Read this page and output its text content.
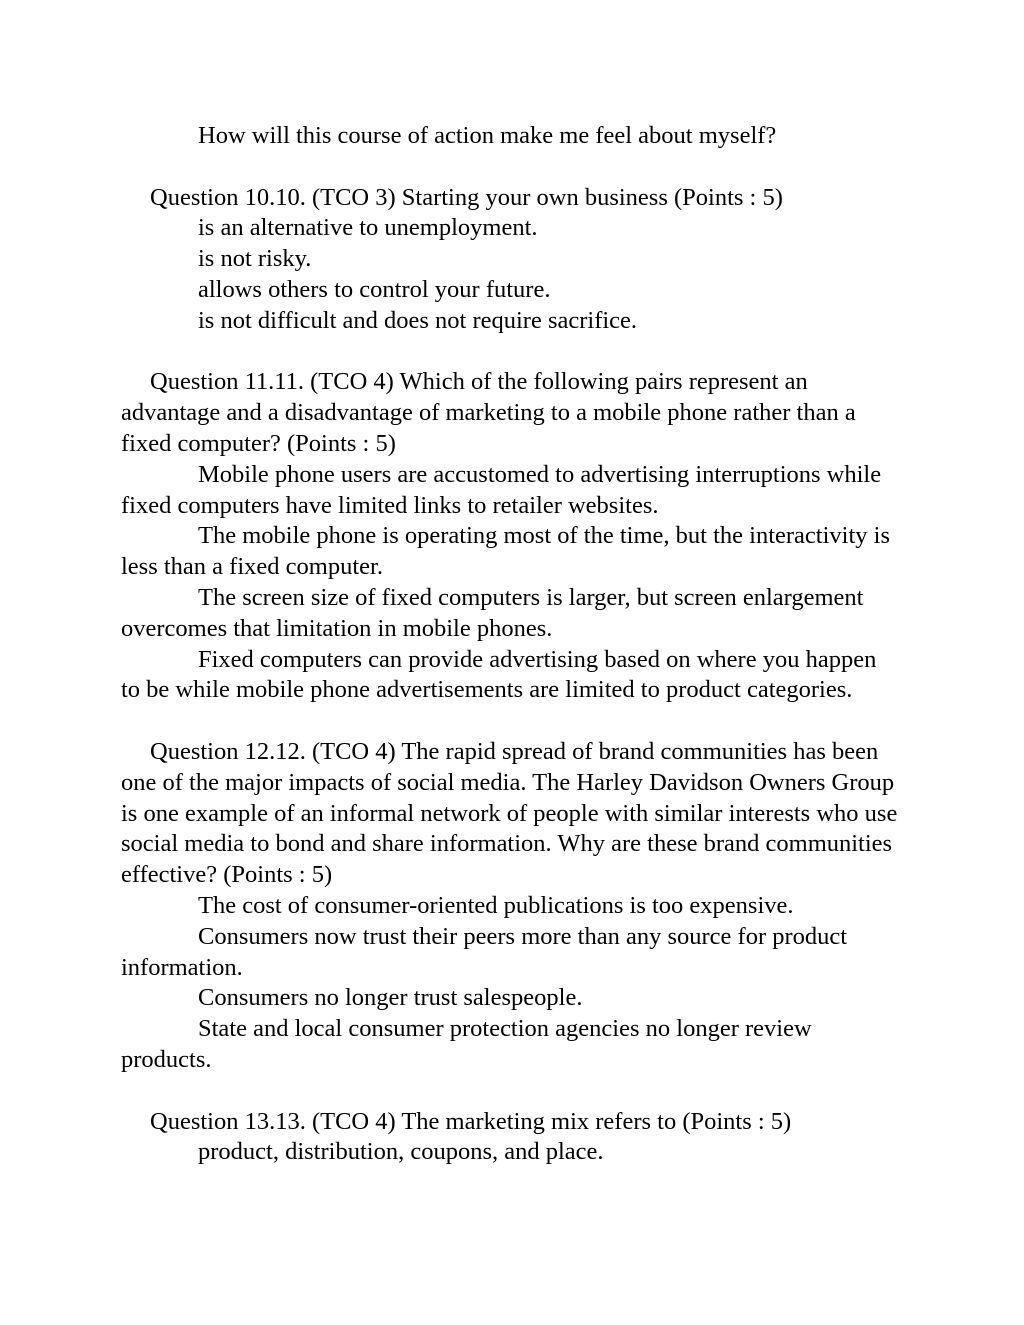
How will this course of action make me feel about myself?

Question 10.10. (TCO 3) Starting your own business (Points : 5)

is an alternative to unemployment.

is not risky.

allows others to control your future.

is not difficult and does not require sacrifice.

Question 11.11. (TCO 4) Which of the following pairs represent an advantage and a disadvantage of marketing to a mobile phone rather than a fixed computer? (Points : 5)

Mobile phone users are accustomed to advertising interruptions while fixed computers have limited links to retailer websites.

The mobile phone is operating most of the time, but the interactivity is less than a fixed computer.

The screen size of fixed computers is larger, but screen enlargement overcomes that limitation in mobile phones.

Fixed computers can provide advertising based on where you happen to be while mobile phone advertisements are limited to product categories.

Question 12.12. (TCO 4) The rapid spread of brand communities has been one of the major impacts of social media. The Harley Davidson Owners Group is one example of an informal network of people with similar interests who use social media to bond and share information. Why are these brand communities effective? (Points : 5)

The cost of consumer-oriented publications is too expensive.

Consumers now trust their peers more than any source for product information.

Consumers no longer trust salespeople.

State and local consumer protection agencies no longer review products.

Question 13.13. (TCO 4) The marketing mix refers to (Points : 5)

product, distribution, coupons, and place.
